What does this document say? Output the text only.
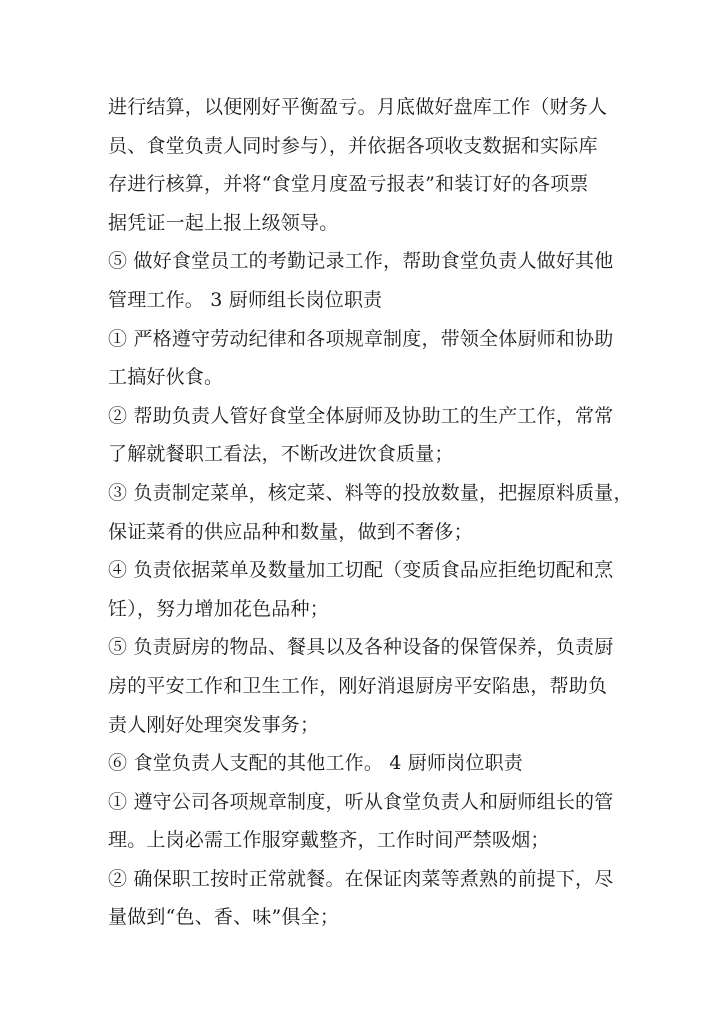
进行结算，以便刚好平衡盈亏。月底做好盘库工作（财务人
员、食堂负责人同时参与），并依据各项收支数据和实际库
存进行核算，并将“食堂月度盈亏报表”和装订好的各项票
据凭证一起上报上级领导。
⑤ 做好食堂员工的考勤记录工作，帮助食堂负责人做好其他
管理工作。 3 厨师组长岗位职责
① 严格遵守劳动纪律和各项规章制度，带领全体厨师和协助
工搞好伙食。
② 帮助负责人管好食堂全体厨师及协助工的生产工作，常常
了解就餐职工看法，不断改进饮食质量；
③ 负责制定菜单，核定菜、料等的投放数量，把握原料质量，
保证菜肴的供应品种和数量，做到不奢侈；
④ 负责依据菜单及数量加工切配（变质食品应拒绝切配和烹
饪），努力增加花色品种；
⑤ 负责厨房的物品、餐具以及各种设备的保管保养，负责厨
房的平安工作和卫生工作，刚好消退厨房平安陷患，帮助负
责人刚好处理突发事务；
⑥ 食堂负责人支配的其他工作。 4 厨师岗位职责
① 遵守公司各项规章制度，听从食堂负责人和厨师组长的管
理。上岗必需工作服穿戴整齐，工作时间严禁吸烟；
② 确保职工按时正常就餐。在保证肉菜等煮熟的前提下，尽
量做到“色、香、味”俱全；
